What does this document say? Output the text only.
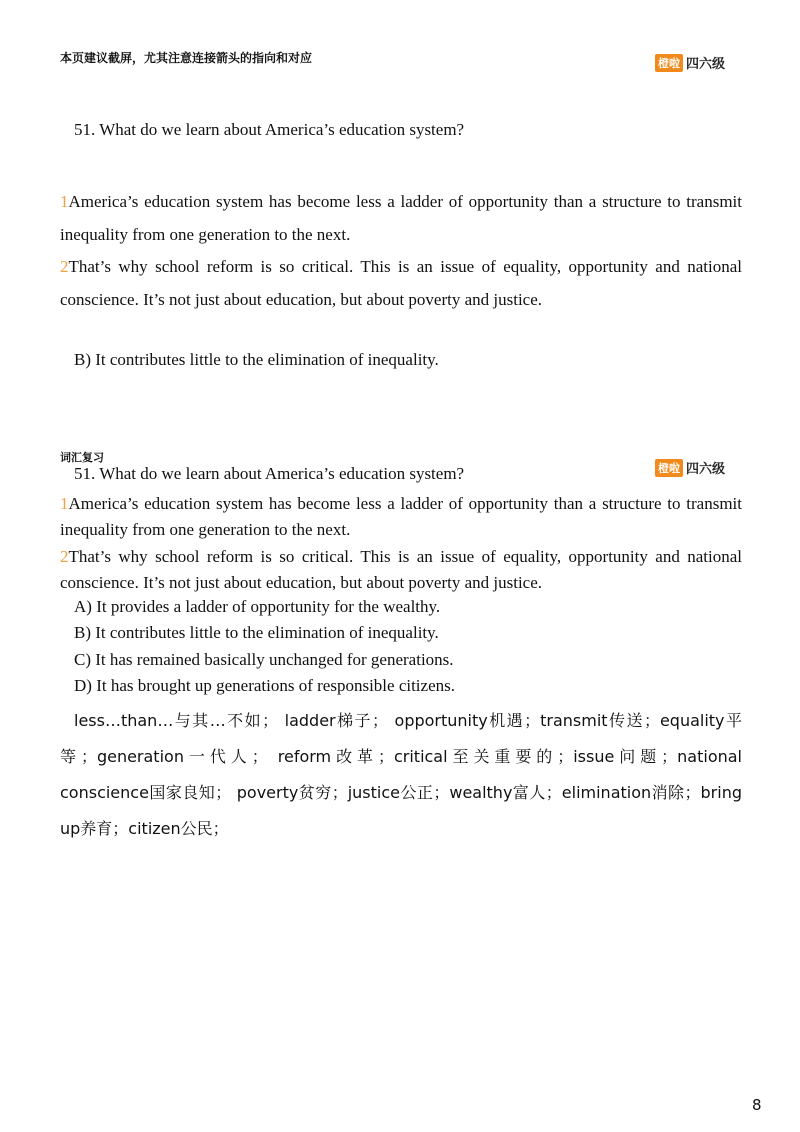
本页建议截屏，尤其注意连接箭头的指向和对应	橙啦 四六级
51. What do we learn about America’s education system?
1America’s education system has become less a ladder of opportunity than a structure to transmit inequality from one generation to the next.
2That’s why school reform is so critical. This is an issue of equality, opportunity and national conscience. It’s not just about education, but about poverty and justice.
B) It contributes little to the elimination of inequality.
词汇复习
橙啦 四六级
51. What do we learn about America’s education system?
1America’s education system has become less a ladder of opportunity than a structure to transmit inequality from one generation to the next.
2That’s why school reform is so critical. This is an issue of equality, opportunity and national conscience. It’s not just about education, but about poverty and justice.
A) It provides a ladder of opportunity for the wealthy.
B) It contributes little to the elimination of inequality.
C) It has remained basically unchanged for generations.
D) It has brought up generations of responsible citizens.
less…than…与其…不如； ladder梯子； opportunity机遇；transmit传送；equality平等；generation一代人； reform改革；critical至关重要的；issue问题；national conscience国家良知； poverty贫穷；justice公正；wealthy富人；elimination消除；bring up养育；citizen公民；
8
